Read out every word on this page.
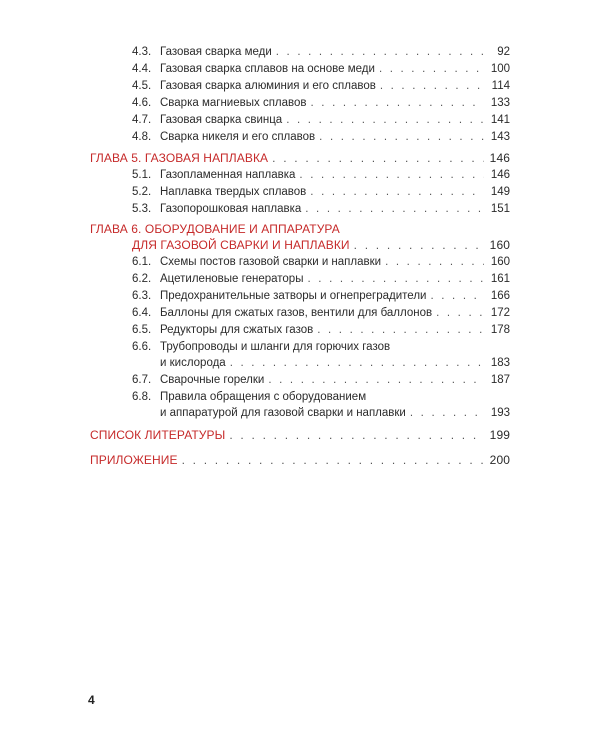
4.3. Газовая сварка меди . . .	92
4.4. Газовая сварка сплавов на основе меди . . .	100
4.5. Газовая сварка алюминия и его сплавов . . .	114
4.6. Сварка магниевых сплавов . . .	133
4.7. Газовая сварка свинца . . .	141
4.8. Сварка никеля и его сплавов . . .	143
ГЛАВА 5. ГАЗОВАЯ НАПЛАВКА . . .	146
5.1. Газопламенная наплавка . . .	146
5.2. Наплавка твердых сплавов . . .	149
5.3. Газопорошковая наплавка . . .	151
ГЛАВА 6. ОБОРУДОВАНИЕ И АППАРАТУРА
ДЛЯ ГАЗОВОЙ СВАРКИ И НАПЛАВКИ . . .	160
6.1. Схемы постов газовой сварки и наплавки . . .	160
6.2. Ацетиленовые генераторы . . .	161
6.3. Предохранительные затворы и огнепреградители . . .	166
6.4. Баллоны для сжатых газов, вентили для баллонов . . .	172
6.5. Редукторы для сжатых газов . . .	178
6.6. Трубопроводы и шланги для горючих газов
и кислорода . . .	183
6.7. Сварочные горелки . . .	187
6.8. Правила обращения с оборудованием
и аппаратурой для газовой сварки и наплавки . . .	193
СПИСОК ЛИТЕРАТУРЫ . . .	199
ПРИЛОЖЕНИЕ . . .	200
4
